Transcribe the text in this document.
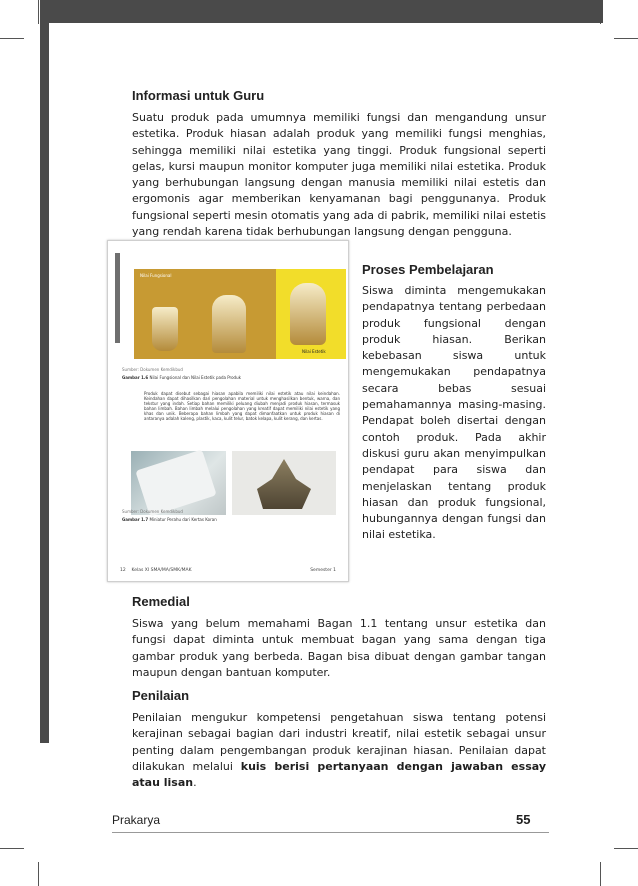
Informasi untuk Guru

Suatu produk pada umumnya memiliki fungsi dan mengandung unsur estetika. Produk hiasan adalah produk yang memiliki fungsi menghias, sehingga memiliki nilai estetika yang tinggi. Produk fungsional seperti gelas, kursi maupun monitor komputer juga memiliki nilai estetika. Produk yang berhubungan langsung dengan manusia memiliki nilai estetis dan ergomonis agar memberikan kenyamanan bagi penggunanya. Produk fungsional seperti mesin otomatis yang ada di pabrik, memiliki nilai estetis yang rendah karena tidak berhubungan langsung dengan pengguna.

Nilai Fungsional
Nilai Estetik
Sumber: Dokumen Kemdikbud
Gambar 1.6 Nilai Fungsional dan Nilai Estetik pada Produk
Produk dapat disebut sebagai hiasan apabila memiliki nilai estetik atau nilai keindahan. Keindahan dapat dihasilkan dari pengolahan material untuk menghasilkan bentuk, warna, dan tekstur yang indah. Setiap bahan memiliki peluang diubah menjadi produk hiasan, termasuk bahan limbah. Bahan limbah melalui pengolahan yang kreatif dapat memiliki nilai estetik yang khas dan unik. Beberapa bahan limbah yang dapat dimanfaatkan untuk produk hiasan di antaranya adalah kaleng, plastik, kaca, kulit telur, batok kelapa, kulit kerang, dan kertas.
Sumber: Dokumen Kemdikbud
Gambar 1.7 Miniatur Perahu dari Kertas Koran
12 Kelas XI SMA/MA/SMK/MAK	Semester 1
Proses Pembelajaran

Siswa diminta mengemukakan pendapatnya tentang perbedaan produk fungsional dengan produk hiasan. Berikan kebebasan siswa untuk mengemukakan pendapatnya secara bebas sesuai pemahamannya masing-masing. Pendapat boleh disertai dengan contoh produk. Pada akhir diskusi guru akan menyimpulkan pendapat para siswa dan menjelaskan tentang produk hiasan dan produk fungsional, hubungannya dengan fungsi dan nilai estetika.

Remedial

Siswa yang belum memahami Bagan 1.1 tentang unsur estetika dan fungsi dapat diminta untuk membuat bagan yang sama dengan tiga gambar produk yang berbeda. Bagan bisa dibuat dengan gambar tangan maupun dengan bantuan komputer.

Penilaian

Penilaian mengukur kompetensi pengetahuan siswa tentang potensi kerajinan sebagai bagian dari industri kreatif, nilai estetik sebagai unsur penting dalam pengembangan produk kerajinan hiasan. Penilaian dapat dilakukan melalui kuis berisi pertanyaan dengan jawaban essay atau lisan.

Prakarya	55
